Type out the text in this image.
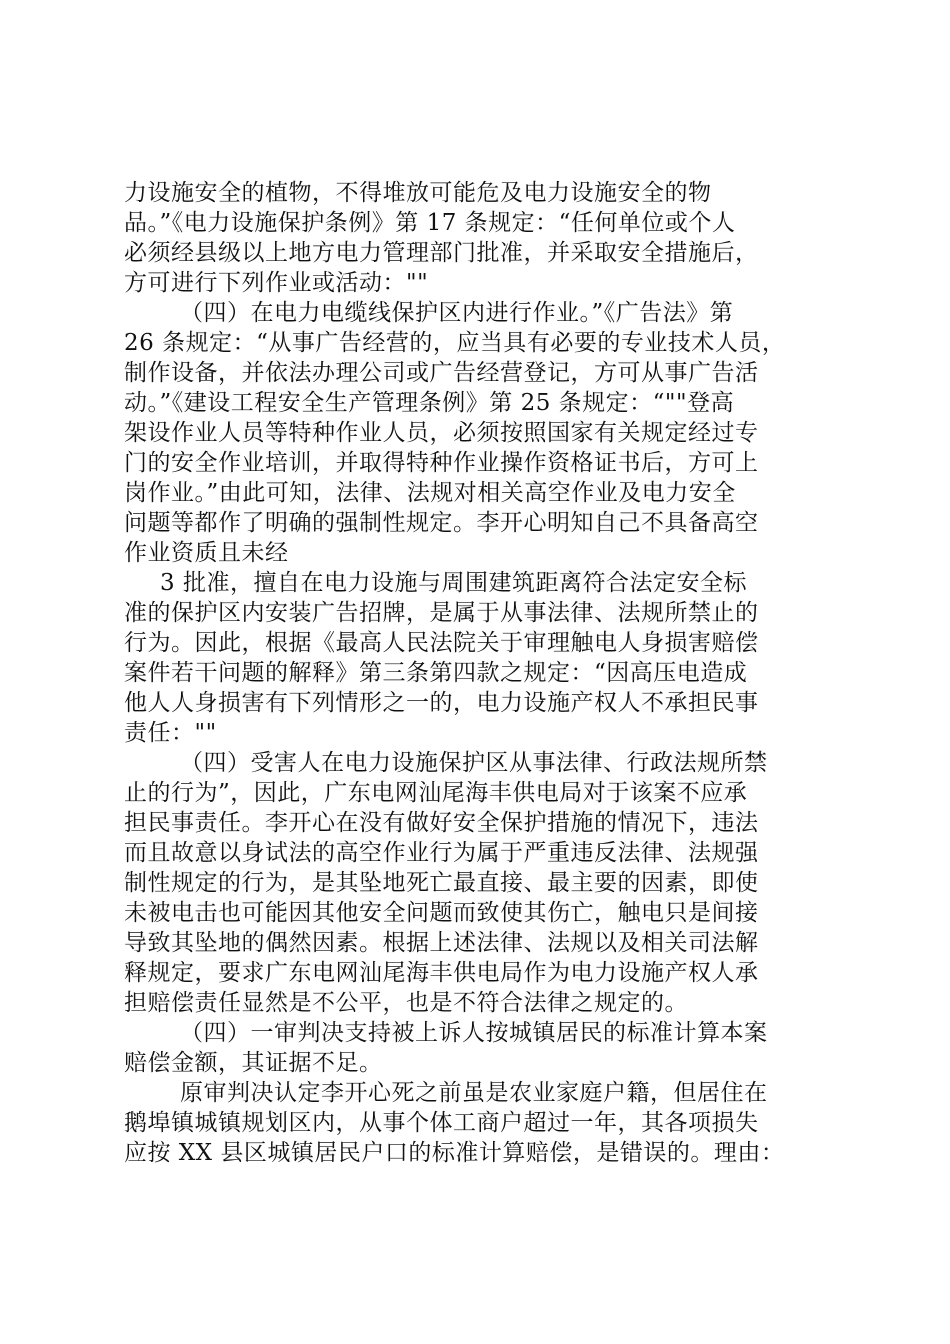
力设施安全的植物，不得堆放可能危及电力设施安全的物
品。”《电力设施保护条例》第 17 条规定：“任何单位或个人
必须经县级以上地方电力管理部门批准，并采取安全措施后，
方可进行下列作业或活动：""
（四）在电力电缆线保护区内进行作业。”《广告法》第
26 条规定：“从事广告经营的，应当具有必要的专业技术人员，
制作设备，并依法办理公司或广告经营登记，方可从事广告活
动。”《建设工程安全生产管理条例》第 25 条规定：“""登高
架设作业人员等特种作业人员，必须按照国家有关规定经过专
门的安全作业培训，并取得特种作业操作资格证书后，方可上
岗作业。”由此可知，法律、法规对相关高空作业及电力安全
问题等都作了明确的强制性规定。李开心明知自己不具备高空
作业资质且未经
3 批准，擅自在电力设施与周围建筑距离符合法定安全标
准的保护区内安装广告招牌，是属于从事法律、法规所禁止的
行为。因此，根据《最高人民法院关于审理触电人身损害赔偿
案件若干问题的解释》第三条第四款之规定：“因高压电造成
他人人身损害有下列情形之一的，电力设施产权人不承担民事
责任：""
（四）受害人在电力设施保护区从事法律、行政法规所禁
止的行为”，因此，广东电网汕尾海丰供电局对于该案不应承
担民事责任。李开心在没有做好安全保护措施的情况下，违法
而且故意以身试法的高空作业行为属于严重违反法律、法规强
制性规定的行为，是其坠地死亡最直接、最主要的因素，即使
未被电击也可能因其他安全问题而致使其伤亡，触电只是间接
导致其坠地的偶然因素。根据上述法律、法规以及相关司法解
释规定，要求广东电网汕尾海丰供电局作为电力设施产权人承
担赔偿责任显然是不公平，也是不符合法律之规定的。
（四）一审判决支持被上诉人按城镇居民的标准计算本案
赔偿金额，其证据不足。
原审判决认定李开心死之前虽是农业家庭户籍，但居住在
鹅埠镇城镇规划区内，从事个体工商户超过一年，其各项损失
应按 XX 县区城镇居民户口的标准计算赔偿，是错误的。理由：
